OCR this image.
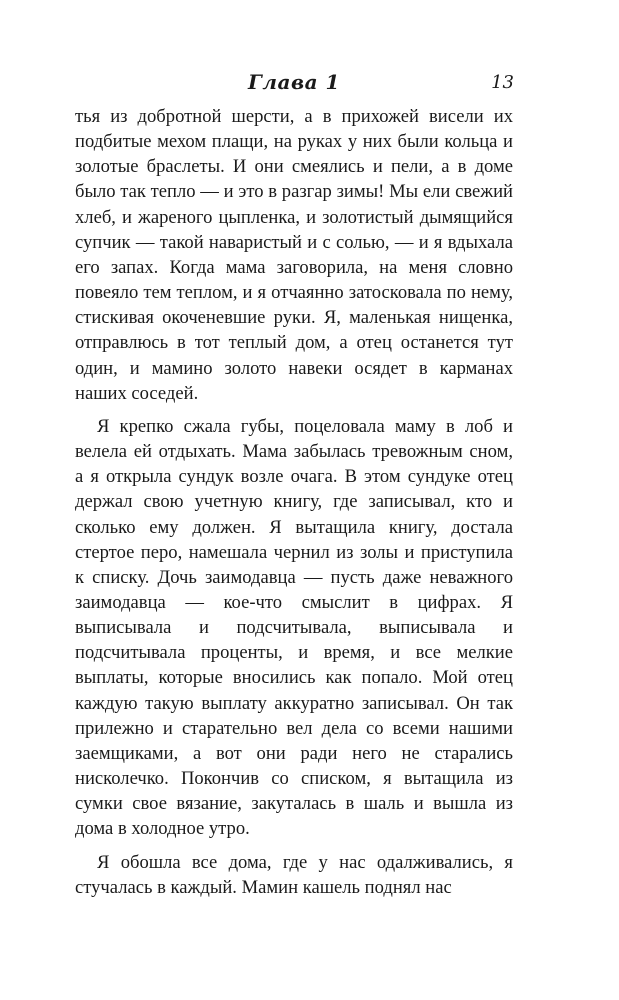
Глава 1	13

тья из добротной шерсти, а в прихожей висели их подбитые мехом плащи, на руках у них были кольца и золотые браслеты. И они смеялись и пели, а в доме было так тепло — и это в разгар зимы! Мы ели свежий хлеб, и жареного цыпленка, и золотистый дымящийся супчик — такой наваристый и с солью, — и я вдыхала его запах. Когда мама заговорила, на меня словно повеяло тем теплом, и я отчаянно затосковала по нему, стискивая окоченевшие руки. Я, маленькая нищенка, отправлюсь в тот теплый дом, а отец останется тут один, и мамино золото навеки осядет в карманах наших соседей.

Я крепко сжала губы, поцеловала маму в лоб и велела ей отдыхать. Мама забылась тревожным сном, а я открыла сундук возле очага. В этом сундуке отец держал свою учетную книгу, где записывал, кто и сколько ему должен. Я вытащила книгу, достала стертое перо, намешала чернил из золы и приступила к списку. Дочь заимодавца — пусть даже неважного заимодавца — кое-что смыслит в цифрах. Я выписывала и подсчитывала, выписывала и подсчитывала проценты, и время, и все мелкие выплаты, которые вносились как попало. Мой отец каждую такую выплату аккуратно записывал. Он так прилежно и старательно вел дела со всеми нашими заемщиками, а вот они ради него не старались нисколечко. Покончив со списком, я вытащила из сумки свое вязание, закуталась в шаль и вышла из дома в холодное утро.

Я обошла все дома, где у нас одалживались, я стучалась в каждый. Мамин кашель поднял нас
